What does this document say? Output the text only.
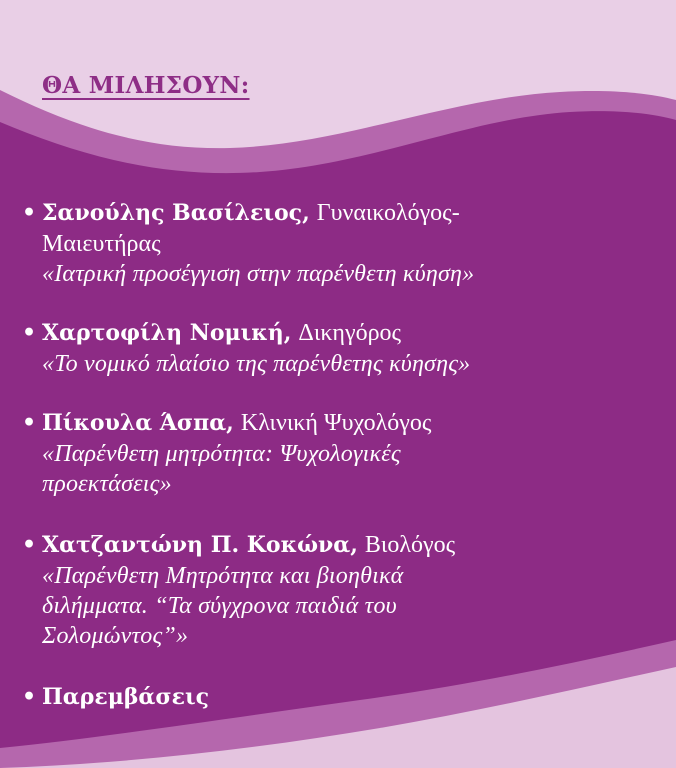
ΘΑ ΜΙΛΗΣΟΥΝ:
• Σανούλης Βασίλειος, Γυναικολόγος-
Μαιευτήρας
«Ιατρική προσέγγιση στην παρένθετη κύηση»
• Χαρτοφίλη Νομική, Δικηγόρος
«Το νομικό πλαίσιο της παρένθετης κύησης»
• Πίκουλα Άσπα, Κλινική Ψυχολόγος
«Παρένθετη μητρότητα: Ψυχολογικές
προεκτάσεις»
• Χατζαντώνη Π. Κοκώνα, Βιολόγος
«Παρένθετη Μητρότητα και βιοηθικά
διλήμματα. “Τα σύγχρονα παιδιά του
Σολομώντος”»
• Παρεμβάσεις
